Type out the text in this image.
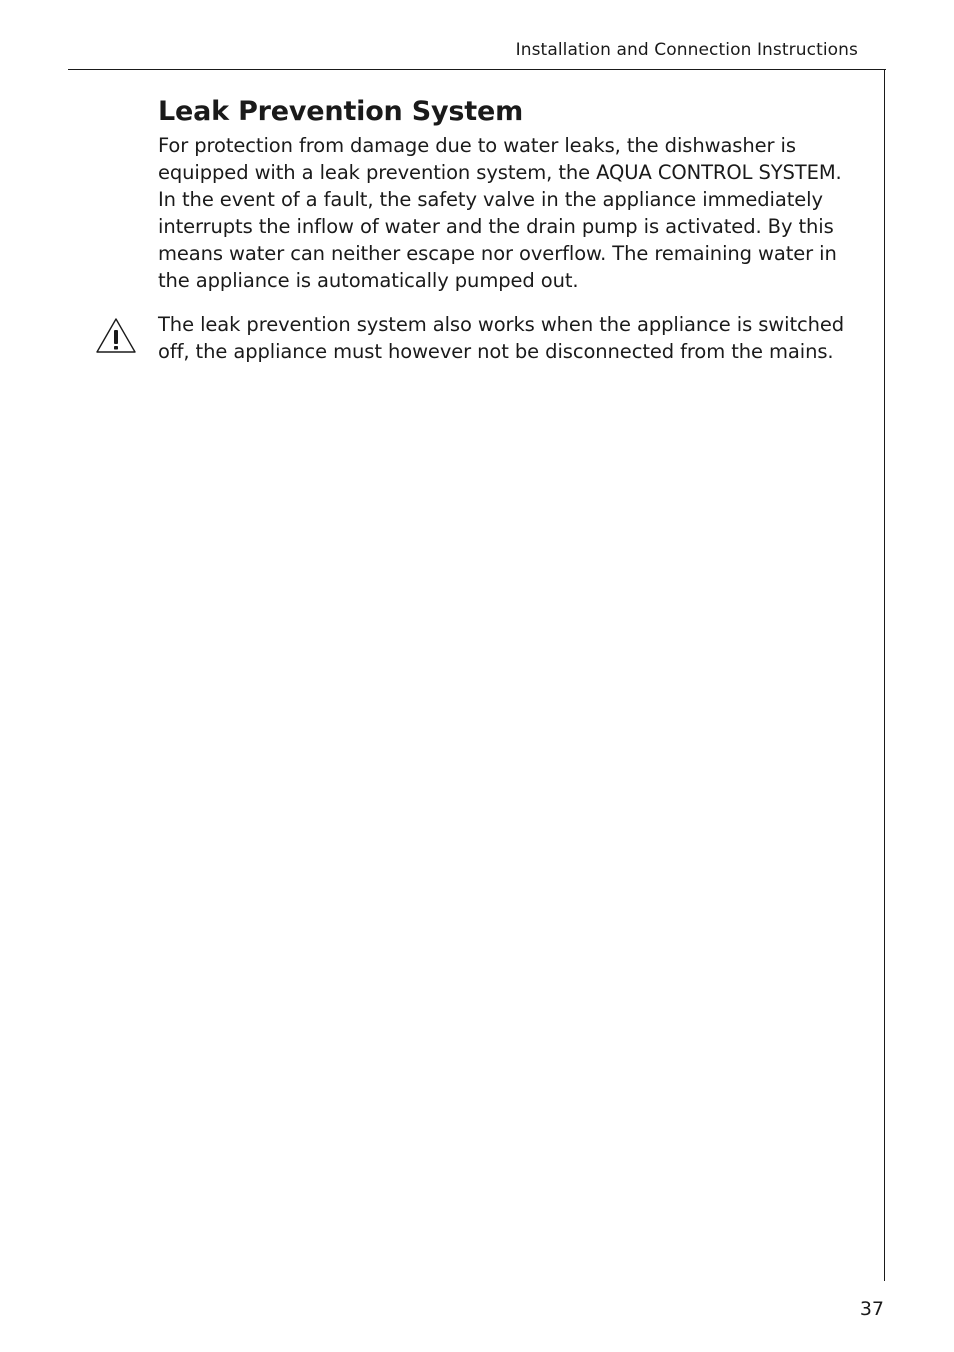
Installation and Connection Instructions
Leak Prevention System

For protection from damage due to water leaks, the dishwasher is equipped with a leak prevention system, the AQUA CONTROL SYSTEM. In the event of a fault, the safety valve in the appliance immediately interrupts the inflow of water and the drain pump is activated. By this means water can neither escape nor overflow. The remaining water in the appliance is automatically pumped out.

The leak prevention system also works when the appliance is switched off, the appliance must however not be disconnected from the mains.

37
